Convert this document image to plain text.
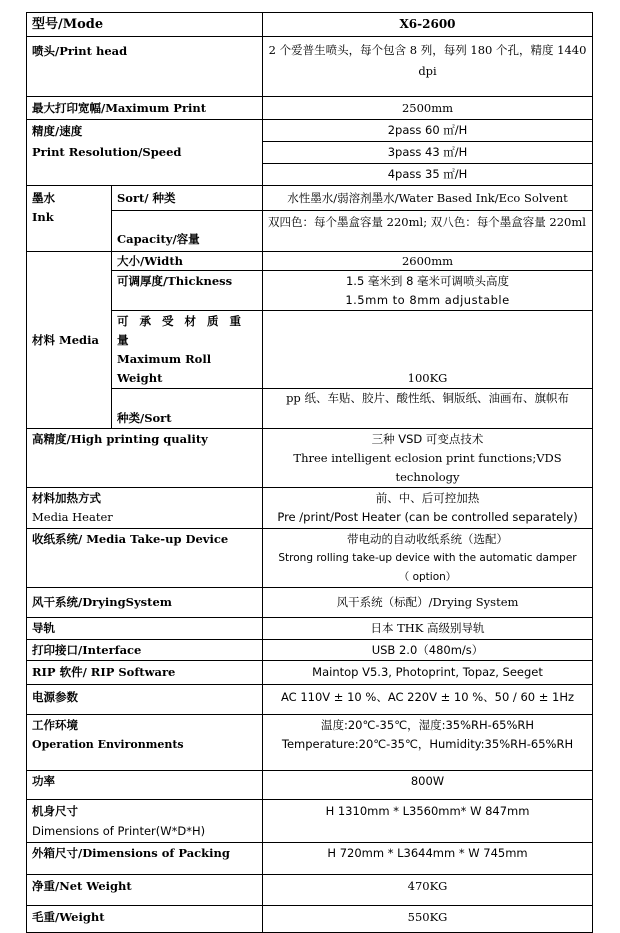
型号/Mode		X6-2600
喷头/Print head		2 个爱普生喷头，每个包含 8 列，每列 180 个孔，精度 1440 dpi
最大打印宽幅/Maximum Print		2500mm

精度/速度
Print Resolution/Speed		2pass 60 ㎡/H
		3pass 43 ㎡/H
		4pass 35 ㎡/H

墨水
Ink	Sort/ 种类	水性墨水/弱溶剂墨水/Water Based Ink/Eco Solvent
	Capacity/容量	双四色：每个墨盒容量 220ml; 双八色：每个墨盒容量 220ml
材料 Media	大小/Width	2600mm
	可调厚度/Thickness	1.5 毫米到 8 毫米可调喷头高度
1.5mm to 8mm adjustable

	可 承 受 材 质 重 量
Maximum Roll Weight	100KG
	种类/Sort	pp 纸、车贴、胶片、酸性纸、铜版纸、油画布、旗帜布
高精度/High printing quality		三种 VSD 可变点技术
Three intelligent eclosion print functions;VDS technology

材料加热方式
Media Heater		前、中、后可控加热
Pre /print/Post Heater (can be controlled separately)

收纸系统/ Media Take-up Device		带电动的自动收纸系统（选配）
Strong rolling take-up device with the automatic damper
（ option）

风干系统/DryingSystem		风干系统（标配）/Drying System
导轨		日本 THK 高级别导轨
打印接口/Interface		USB 2.0（480m/s）
RIP 软件/ RIP Software		Maintop V5.3, Photoprint, Topaz, Seeget
电源参数		AC 110V ± 10 %、AC 220V ± 10 %、50 / 60 ± 1Hz

工作环境
Operation Environments		温度:20℃-35℃，湿度:35%RH-65%RH
Temperature:20℃-35℃，Humidity:35%RH-65%RH

功率		800W

机身尺寸
Dimensions of Printer(W*D*H)		H 1310mm * L3560mm* W 847mm
外箱尺寸/Dimensions of Packing		H 720mm * L3644mm * W 745mm
净重/Net Weight		470KG
毛重/Weight		550KG
